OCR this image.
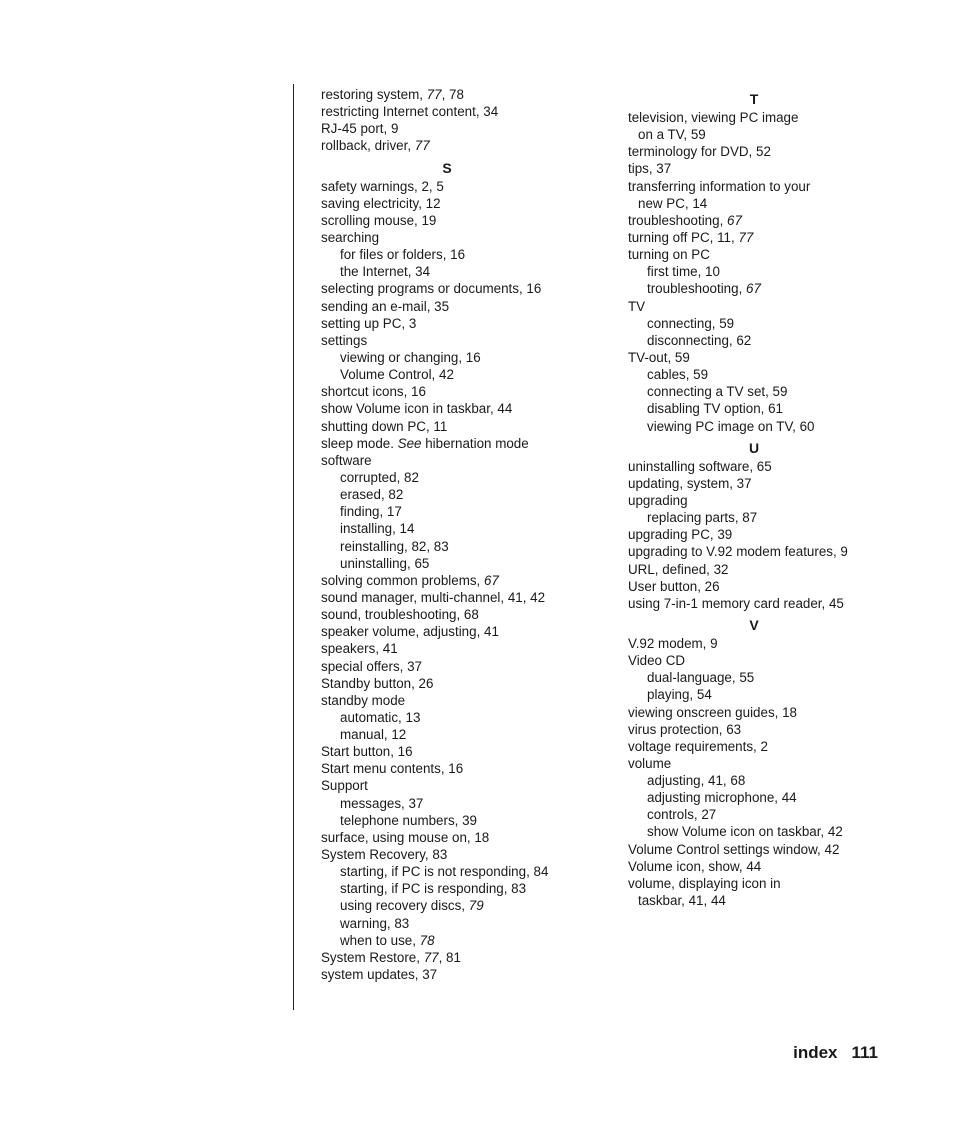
restoring system, 77, 78
restricting Internet content, 34
RJ-45 port, 9
rollback, driver, 77
S
safety warnings, 2, 5
saving electricity, 12
scrolling mouse, 19
searching
for files or folders, 16
the Internet, 34
selecting programs or documents, 16
sending an e-mail, 35
setting up PC, 3
settings
viewing or changing, 16
Volume Control, 42
shortcut icons, 16
show Volume icon in taskbar, 44
shutting down PC, 11
sleep mode. See hibernation mode
software
corrupted, 82
erased, 82
finding, 17
installing, 14
reinstalling, 82, 83
uninstalling, 65
solving common problems, 67
sound manager, multi-channel, 41, 42
sound, troubleshooting, 68
speaker volume, adjusting, 41
speakers, 41
special offers, 37
Standby button, 26
standby mode
automatic, 13
manual, 12
Start button, 16
Start menu contents, 16
Support
messages, 37
telephone numbers, 39
surface, using mouse on, 18
System Recovery, 83
starting, if PC is not responding, 84
starting, if PC is responding, 83
using recovery discs, 79
warning, 83
when to use, 78
System Restore, 77, 81
system updates, 37
T
television, viewing PC image
on a TV, 59
terminology for DVD, 52
tips, 37
transferring information to your
new PC, 14
troubleshooting, 67
turning off PC, 11, 77
turning on PC
first time, 10
troubleshooting, 67
TV
connecting, 59
disconnecting, 62
TV-out, 59
cables, 59
connecting a TV set, 59
disabling TV option, 61
viewing PC image on TV, 60
U
uninstalling software, 65
updating, system, 37
upgrading
replacing parts, 87
upgrading PC, 39
upgrading to V.92 modem features, 9
URL, defined, 32
User button, 26
using 7-in-1 memory card reader, 45
V
V.92 modem, 9
Video CD
dual-language, 55
playing, 54
viewing onscreen guides, 18
virus protection, 63
voltage requirements, 2
volume
adjusting, 41, 68
adjusting microphone, 44
controls, 27
show Volume icon on taskbar, 42
Volume Control settings window, 42
Volume icon, show, 44
volume, displaying icon in
taskbar, 41, 44
index 111
